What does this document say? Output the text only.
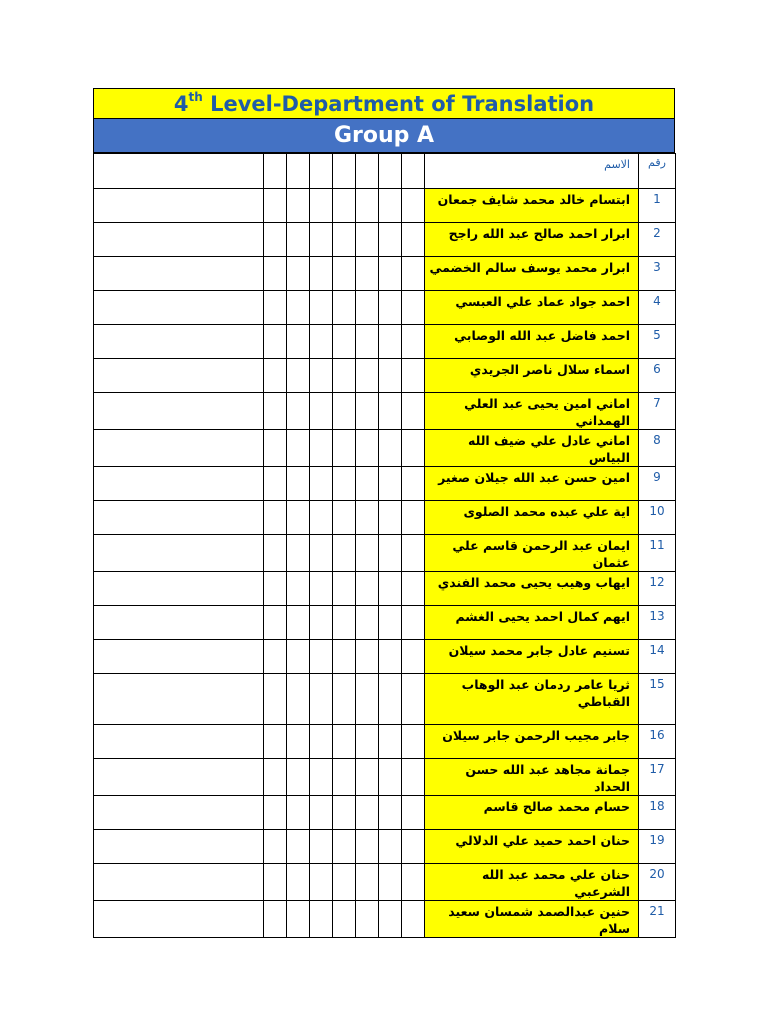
4th Level-Department of Translation
Group A
								الاسم	رقم
								ابتسام خالد محمد شايف جمعان	1
								ابرار احمد صالح عبد الله راجح	2
								ابرار محمد يوسف سالم الخضمي	3
								احمد جواد عماد علي العبسي	4
								احمد فاضل عبد الله الوصابي	5
								اسماء سلال ناصر الجريدي	6
								اماني امين يحيى عبد العلي الهمداني	7
								اماني عادل علي ضيف الله البياس	8
								امين حسن عبد الله جيلان صغير	9
								اية علي عبده محمد الصلوى	10
								ايمان عبد الرحمن قاسم علي عثمان	11
								ايهاب وهيب يحيى محمد الفندي	12
								ايهم كمال احمد يحيى الغشم	13
								تسنيم عادل جابر محمد سيلان	14
								ثريا عامر ردمان عبد الوهاب القباطي	15
								جابر مجيب الرحمن جابر سيلان	16
								جمانة مجاهد عبد الله حسن الحداد	17
								حسام محمد صالح قاسم	18
								حنان احمد حميد علي الدلالي	19
								حنان علي محمد عبد الله الشرعبي	20
								حنين عبدالصمد شمسان سعيد سلام	21
